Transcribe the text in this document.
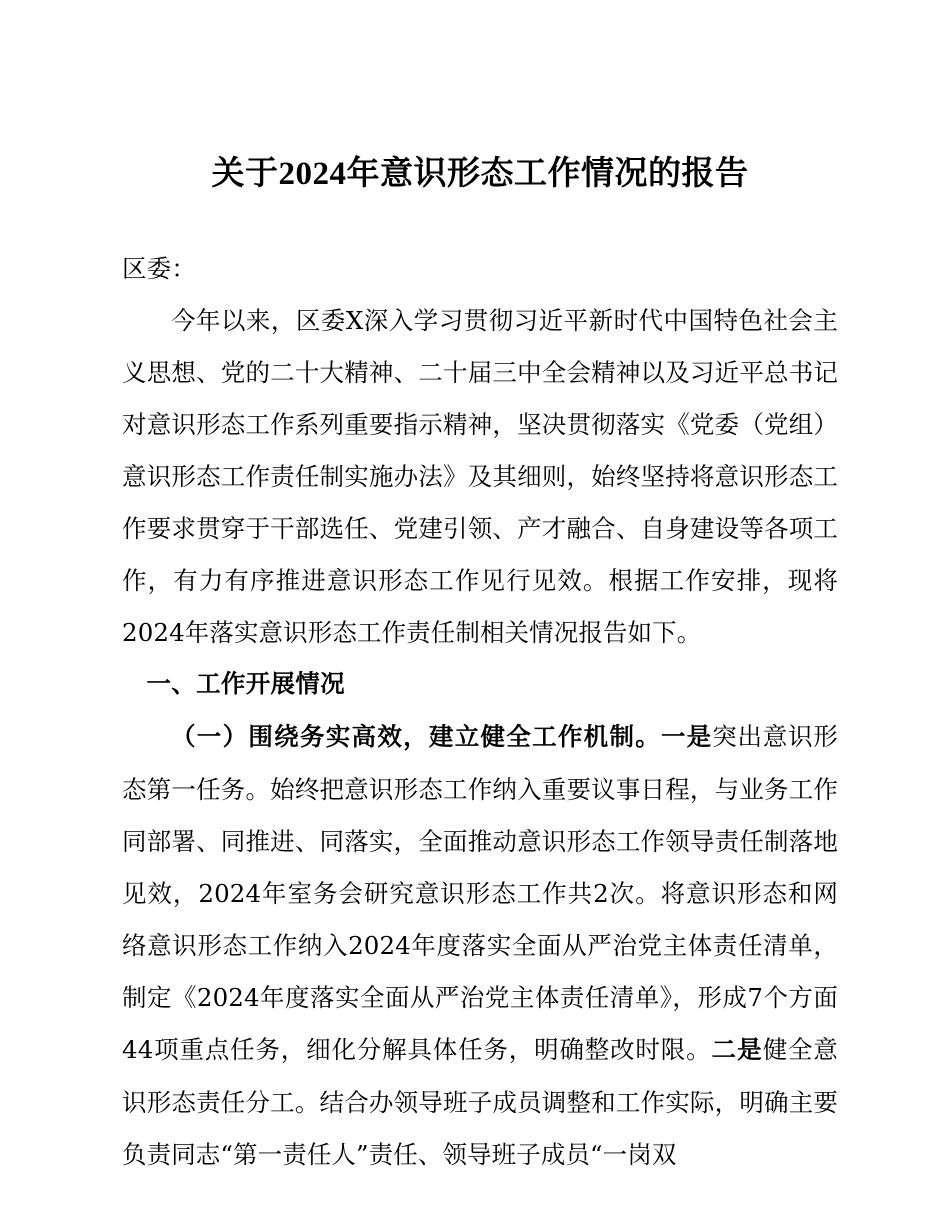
关于2024年意识形态工作情况的报告

区委：

今年以来，区委X深入学习贯彻习近平新时代中国特色社会主义思想、党的二十大精神、二十届三中全会精神以及习近平总书记对意识形态工作系列重要指示精神，坚决贯彻落实《党委（党组）意识形态工作责任制实施办法》及其细则，始终坚持将意识形态工作要求贯穿于干部选任、党建引领、产才融合、自身建设等各项工作，有力有序推进意识形态工作见行见效。根据工作安排，现将2024年落实意识形态工作责任制相关情况报告如下。

一、工作开展情况

（一）围绕务实高效，建立健全工作机制。一是突出意识形态第一任务。始终把意识形态工作纳入重要议事日程，与业务工作同部署、同推进、同落实，全面推动意识形态工作领导责任制落地见效，2024年室务会研究意识形态工作共2次。将意识形态和网络意识形态工作纳入2024年度落实全面从严治党主体责任清单，制定《2024年度落实全面从严治党主体责任清单》，形成7个方面44项重点任务，细化分解具体任务，明确整改时限。二是健全意识形态责任分工。结合办领导班子成员调整和工作实际，明确主要负责同志“第一责任人”责任、领导班子成员“一岗双
